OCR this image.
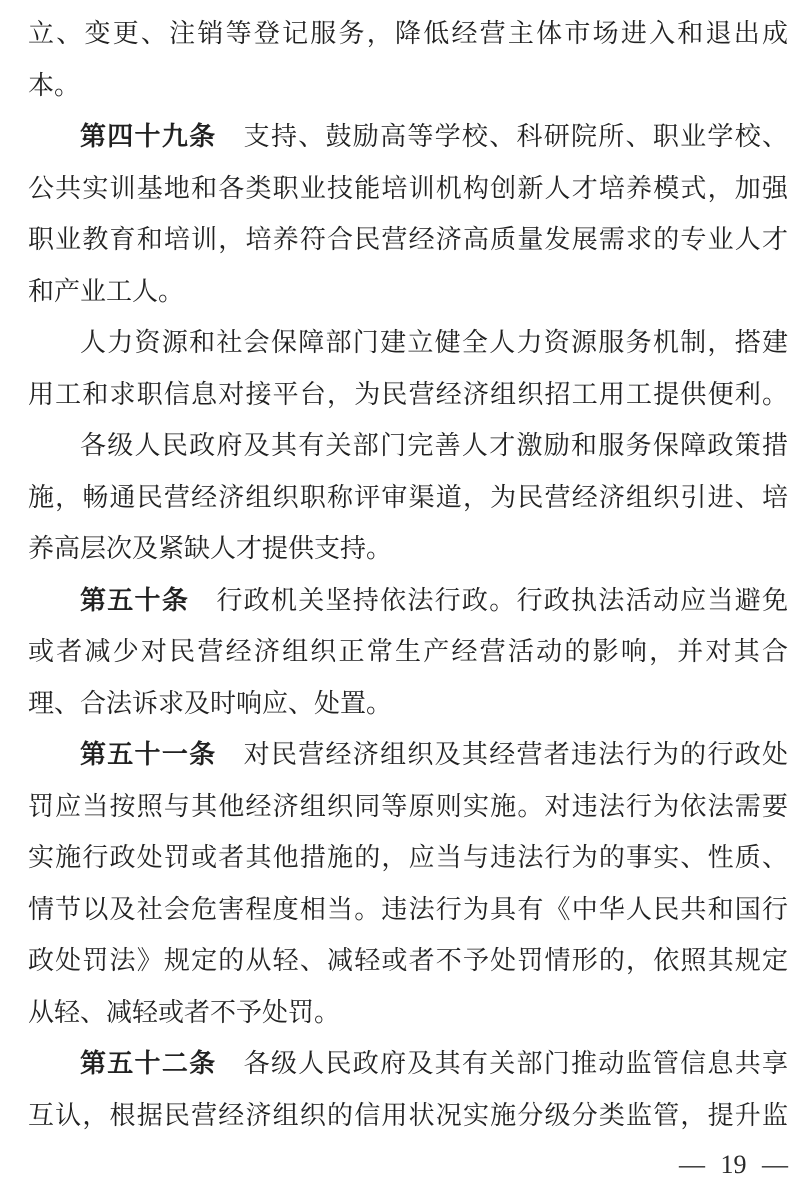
立、变更、注销等登记服务，降低经营主体市场进入和退出成
本。
第四十九条　支持、鼓励高等学校、科研院所、职业学校、
公共实训基地和各类职业技能培训机构创新人才培养模式，加强
职业教育和培训，培养符合民营经济高质量发展需求的专业人才
和产业工人。
人力资源和社会保障部门建立健全人力资源服务机制，搭建
用工和求职信息对接平台，为民营经济组织招工用工提供便利。
各级人民政府及其有关部门完善人才激励和服务保障政策措
施，畅通民营经济组织职称评审渠道，为民营经济组织引进、培
养高层次及紧缺人才提供支持。
第五十条　行政机关坚持依法行政。行政执法活动应当避免
或者减少对民营经济组织正常生产经营活动的影响，并对其合
理、合法诉求及时响应、处置。
第五十一条　对民营经济组织及其经营者违法行为的行政处
罚应当按照与其他经济组织同等原则实施。对违法行为依法需要
实施行政处罚或者其他措施的，应当与违法行为的事实、性质、
情节以及社会危害程度相当。违法行为具有《中华人民共和国行
政处罚法》规定的从轻、减轻或者不予处罚情形的，依照其规定
从轻、减轻或者不予处罚。
第五十二条　各级人民政府及其有关部门推动监管信息共享
互认，根据民营经济组织的信用状况实施分级分类监管，提升监
— 19 —
